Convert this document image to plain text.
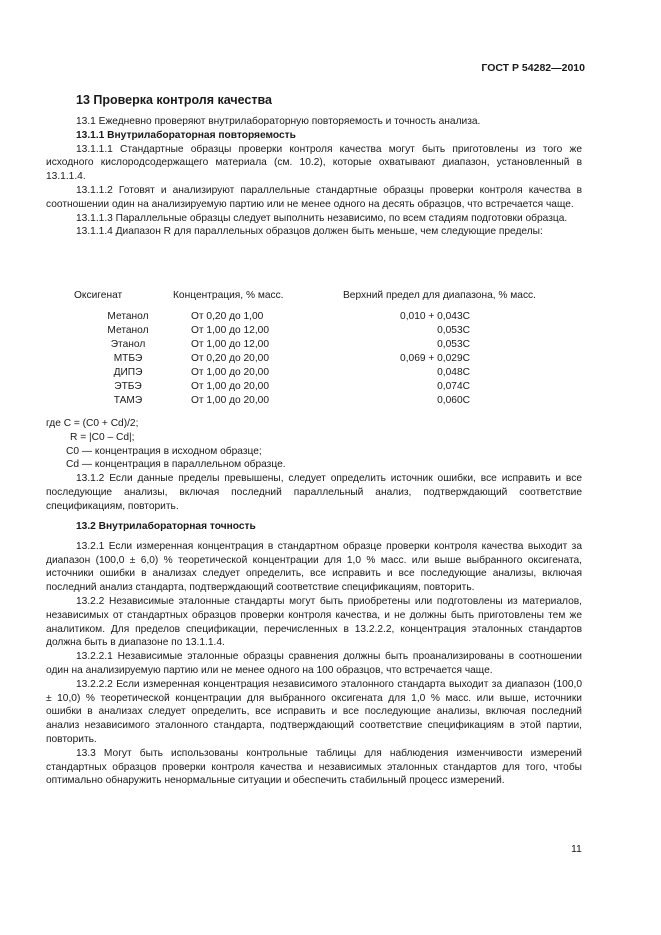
ГОСТ Р 54282—2010
13 Проверка контроля качества

13.1 Ежедневно проверяют внутрилабораторную повторяемость и точность анализа.

13.1.1 Внутрилабораторная повторяемость

13.1.1.1 Стандартные образцы проверки контроля качества могут быть приготовлены из того же исходного кислородсодержащего материала (см. 10.2), которые охватывают диапазон, установленный в 13.1.1.4.

13.1.1.2 Готовят и анализируют параллельные стандартные образцы проверки контроля качества в соотношении один на анализируемую партию или не менее одного на десять образцов, что встречается чаще.

13.1.1.3 Параллельные образцы следует выполнить независимо, по всем стадиям подготовки образца.

13.1.1.4 Диапазон R для параллельных образцов должен быть меньше, чем следующие пределы:

Оксигенат	Концентрация, % масс.	Верхний предел для диапазона, % масс.
Метанол	От 0,20 до 1,00	0,010 + 0,043C
Метанол	От 1,00 до 12,00	0,053C
Этанол	От 1,00 до 12,00	0,053C
МТБЭ	От 0,20 до 20,00	0,069 + 0,029C
ДИПЭ	От 1,00 до 20,00	0,048C
ЭТБЭ	От 1,00 до 20,00	0,074C
ТАМЭ	От 1,00 до 20,00	0,060C
где C = (C0 + Cd)/2;
R = |C0 – Cd|;
C0 — концентрация в исходном образце;
Cd — концентрация в параллельном образце.

13.1.2 Если данные пределы превышены, следует определить источник ошибки, все исправить и все последующие анализы, включая последний параллельный анализ, подтверждающий соответствие спецификациям, повторить.

13.2 Внутрилабораторная точность

13.2.1 Если измеренная концентрация в стандартном образце проверки контроля качества выходит за диапазон (100,0 ± 6,0) % теоретической концентрации для 1,0 % масс. или выше выбранного оксигената, источники ошибки в анализах следует определить, все исправить и все последующие анализы, включая последний анализ стандарта, подтверждающий соответствие спецификациям, повторить.

13.2.2 Независимые эталонные стандарты могут быть приобретены или подготовлены из материалов, независимых от стандартных образцов проверки контроля качества, и не должны быть приготовлены тем же аналитиком. Для пределов спецификации, перечисленных в 13.2.2.2, концентрация эталонных стандартов должна быть в диапазоне по 13.1.1.4.

13.2.2.1 Независимые эталонные образцы сравнения должны быть проанализированы в соотношении один на анализируемую партию или не менее одного на 100 образцов, что встречается чаще.

13.2.2.2 Если измеренная концентрация независимого эталонного стандарта выходит за диапазон (100,0 ± 10,0) % теоретической концентрации для выбранного оксигената для 1,0 % масс. или выше, источники ошибки в анализах следует определить, все исправить и все последующие анализы, включая последний анализ независимого эталонного стандарта, подтверждающий соответствие спецификациям в этой партии, повторить.

13.3 Могут быть использованы контрольные таблицы для наблюдения изменчивости измерений стандартных образцов проверки контроля качества и независимых эталонных стандартов для того, чтобы оптимально обнаружить ненормальные ситуации и обеспечить стабильный процесс измерений.

11
